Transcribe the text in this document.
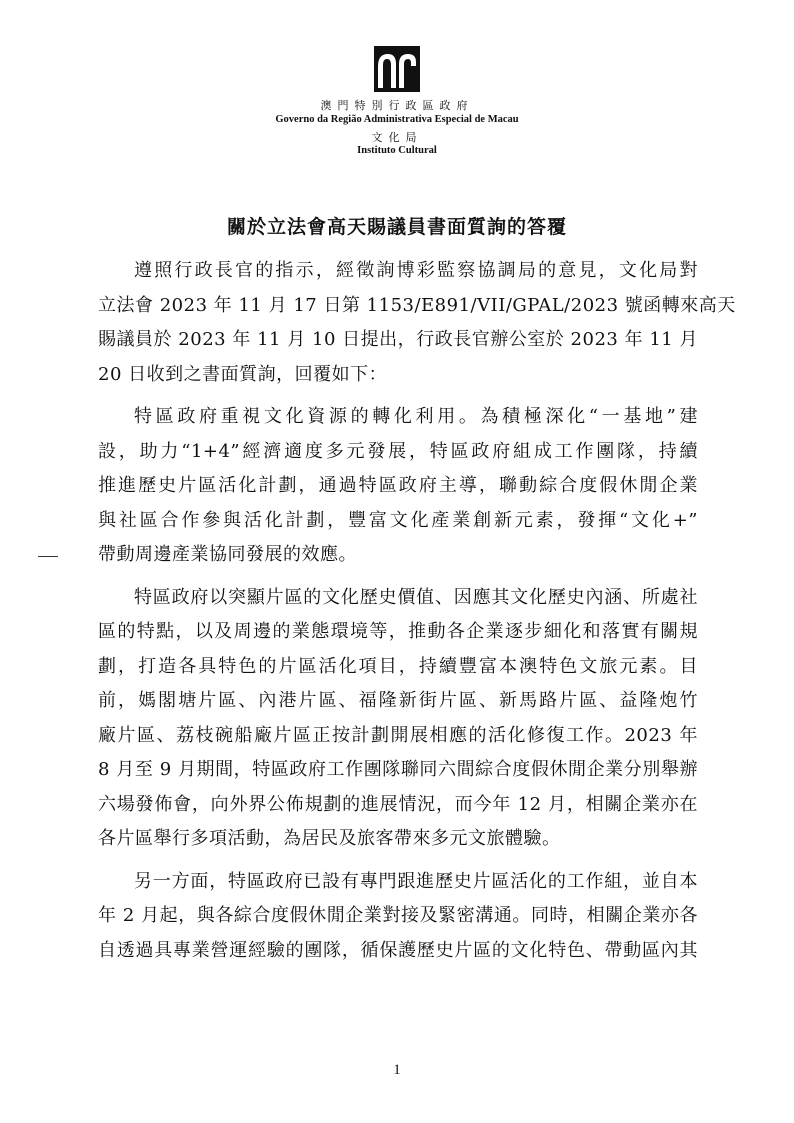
澳門特別行政區政府
Governo da Região Administrativa Especial de Macau
文化局
Instituto Cultural
關於立法會高天賜議員書面質詢的答覆
遵照行政長官的指示，經徵詢博彩監察協調局的意見，文化局對
立法會 2023 年 11 月 17 日第 1153/E891/VII/GPAL/2023 號函轉來高天
賜議員於 2023 年 11 月 10 日提出，行政長官辦公室於 2023 年 11 月
20 日收到之書面質詢，回覆如下：
特區政府重視文化資源的轉化利用。為積極深化“一基地”建
設，助力“1+4”經濟適度多元發展，特區政府組成工作團隊，持續
推進歷史片區活化計劃，通過特區政府主導，聯動綜合度假休閒企業
與社區合作參與活化計劃，豐富文化產業創新元素，發揮“文化+”
帶動周邊產業協同發展的效應。
特區政府以突顯片區的文化歷史價值、因應其文化歷史內涵、所處社
區的特點，以及周邊的業態環境等，推動各企業逐步細化和落實有關規
劃，打造各具特色的片區活化項目，持續豐富本澳特色文旅元素。目
前，媽閣塘片區、內港片區、福隆新街片區、新馬路片區、益隆炮竹
廠片區、荔枝碗船廠片區正按計劃開展相應的活化修復工作。2023 年
8 月至 9 月期間，特區政府工作團隊聯同六間綜合度假休閒企業分別舉辦
六場發佈會，向外界公佈規劃的進展情況，而今年 12 月，相關企業亦在
各片區舉行多項活動，為居民及旅客帶來多元文旅體驗。
另一方面，特區政府已設有專門跟進歷史片區活化的工作組，並自本
年 2 月起，與各綜合度假休閒企業對接及緊密溝通。同時，相關企業亦各
自透過具專業營運經驗的團隊，循保護歷史片區的文化特色、帶動區內其
1
